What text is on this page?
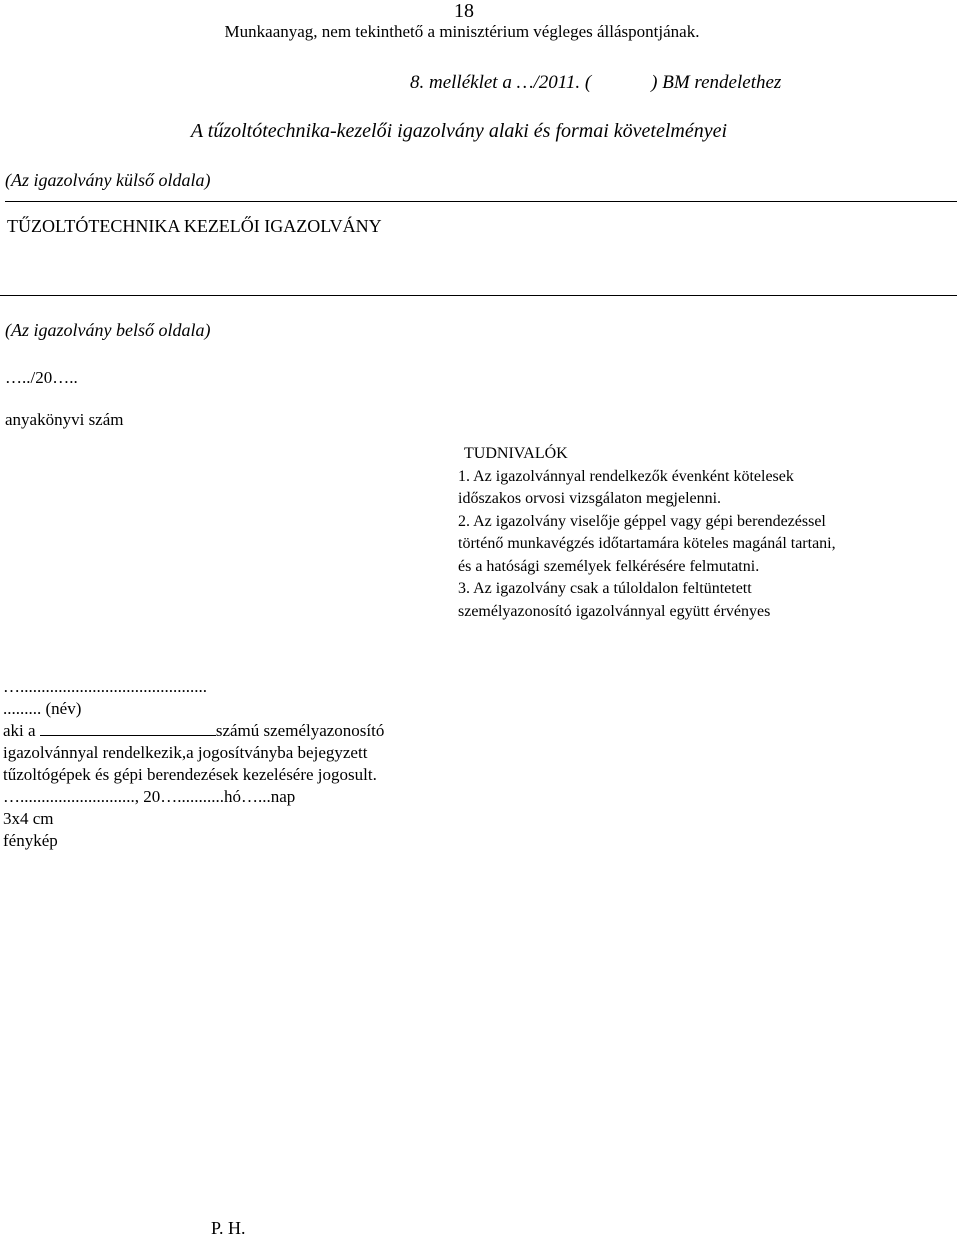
18
Munkaanyag, nem tekinthető a minisztérium végleges álláspontjának.
8. melléklet a …/2011. (	) BM rendelethez
A tűzoltótechnika-kezelői igazolvány alaki és formai követelményei
(Az igazolvány külső oldala)
TŰZOLTÓTECHNIKA KEZELŐI IGAZOLVÁNY
(Az igazolvány belső oldala)
…../20…..
anyakönyvi szám
TUDNIVALÓK
1. Az igazolvánnyal rendelkezők évenként kötelesek
időszakos orvosi vizsgálaton megjelenni.
2. Az igazolvány viselője géppel vagy gépi berendezéssel
történő munkavégzés időtartamára köteles magánál tartani,
és a hatósági személyek felkérésére felmutatni.
3. Az igazolvány csak a túloldalon feltüntetett
személyazonosító igazolvánnyal együtt érvényes
…............................................
......... (név)
aki a	számú személyazonosító
igazolvánnyal rendelkezik,a jogosítványba bejegyzett
tűzoltógépek és gépi berendezések kezelésére jogosult.
…..........................., 20…...........hó…...nap
3x4 cm
fénykép
P. H.
